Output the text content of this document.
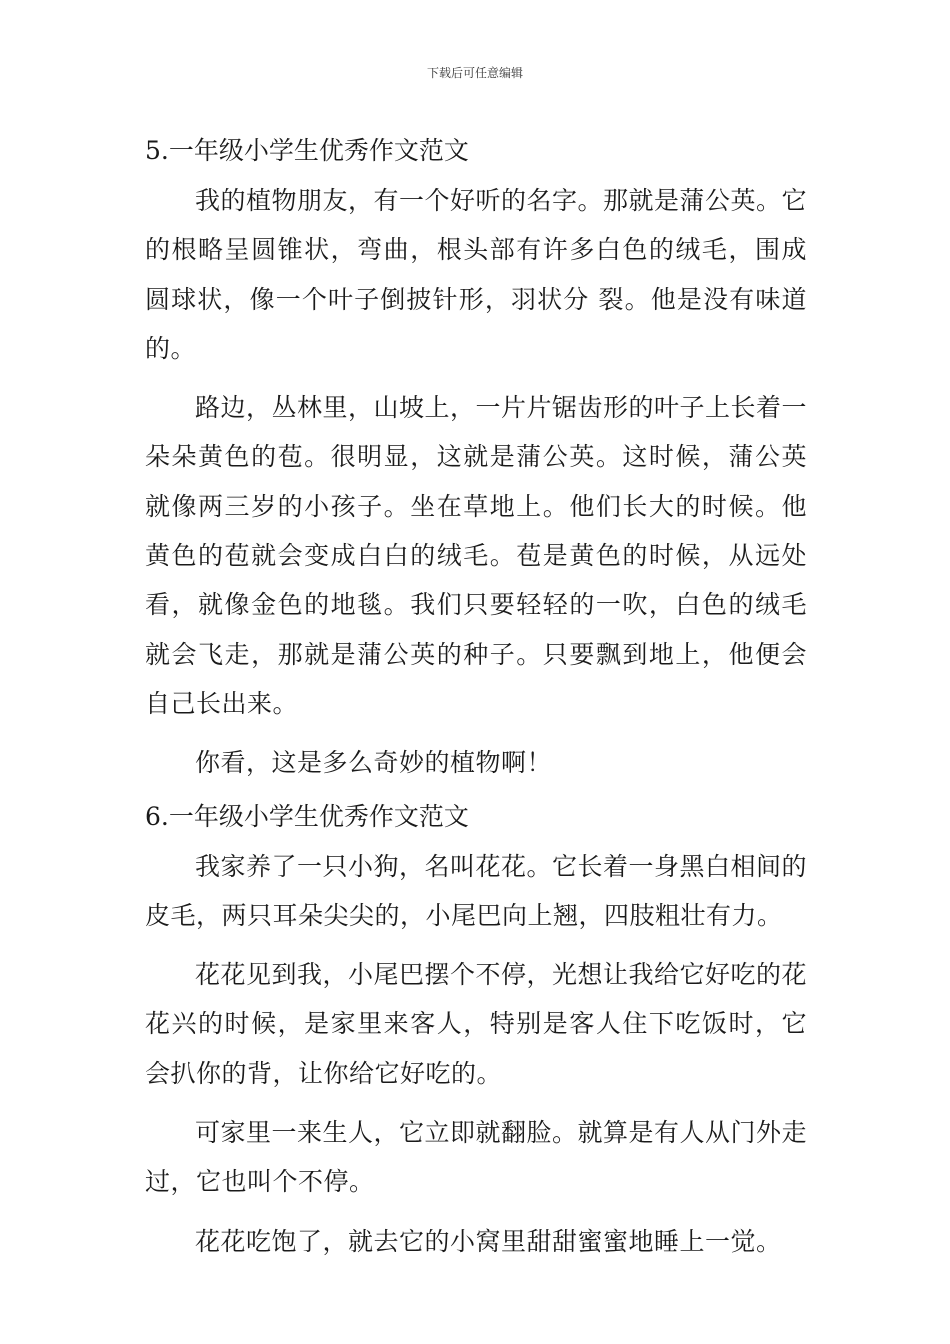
下载后可任意编辑
5.一年级小学生优秀作文范文

我的植物朋友，有一个好听的名字。那就是蒲公英。它的根略呈圆锥状，弯曲，根头部有许多白色的绒毛，围成圆球状，像一个叶子倒披针形，羽状分 裂。他是没有味道的。

路边，丛林里，山坡上，一片片锯齿形的叶子上长着一朵朵黄色的苞。很明显，这就是蒲公英。这时候，蒲公英就像两三岁的小孩子。坐在草地上。他们长大的时候。他黄色的苞就会变成白白的绒毛。苞是黄色的时候，从远处看，就像金色的地毯。我们只要轻轻的一吹，白色的绒毛就会飞走，那就是蒲公英的种子。只要飘到地上，他便会自己长出来。

你看，这是多么奇妙的植物啊！

6.一年级小学生优秀作文范文

我家养了一只小狗，名叫花花。它长着一身黑白相间的皮毛，两只耳朵尖尖的，小尾巴向上翘，四肢粗壮有力。

花花见到我，小尾巴摆个不停，光想让我给它好吃的花花兴的时候，是家里来客人，特别是客人住下吃饭时，它会扒你的背，让你给它好吃的。

可家里一来生人，它立即就翻脸。就算是有人从门外走过，它也叫个不停。

花花吃饱了，就去它的小窝里甜甜蜜蜜地睡上一觉。
